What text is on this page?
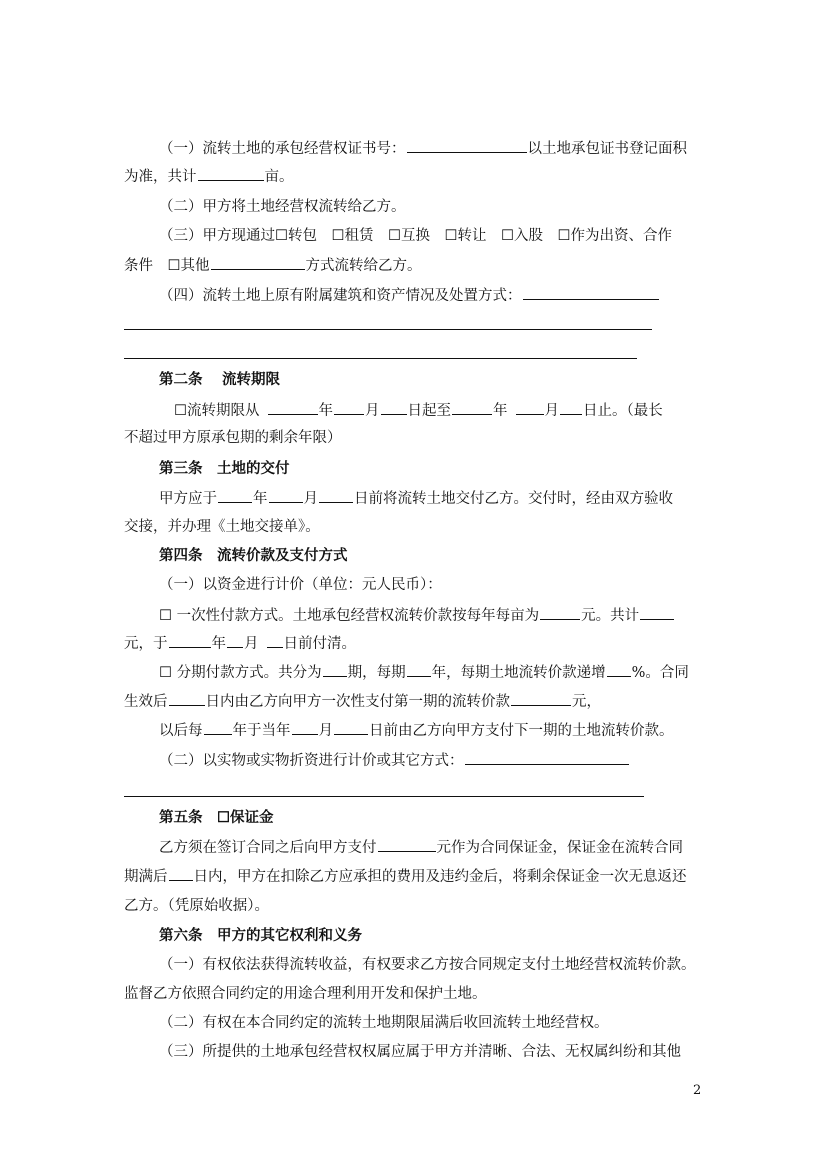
（一）流转土地的承包经营权证书号：	以土地承包证书登记面积
为准，共计	亩。
（二）甲方将土地经营权流转给乙方。
（三）甲方现通过☐转包　☐租赁　☐互换　☐转让　☐入股　☐作为出资、合作
条件　☐其他	方式流转给乙方。
（四）流转土地上原有附属建筑和资产情况及处置方式：
第二条　 流转期限
☐流转期限从	年 月 日起至	年	月 日止。（最长
不超过甲方原承包期的剩余年限）
第三条　土地的交付
甲方应于 年 月 日前将流转土地交付乙方。交付时，经由双方验收
交接，并办理《土地交接单》。
第四条　流转价款及支付方式
（一）以资金进行计价（单位：元人民币）：
☐ 一次性付款方式。土地承包经营权流转价款按每年每亩为	元。共计
元，于	年 月 日前付清。
☐ 分期付款方式。共分为 期，每期 年，每期土地流转价款递增 %。合同
生效后	日内由乙方向甲方一次性支付第一期的流转价款	元，
以后每 年于当年 月 日前由乙方向甲方支付下一期的土地流转价款。
（二）以实物或实物折资进行计价或其它方式：
第五条　☐保证金
乙方须在签订合同之后向甲方支付	元作为合同保证金，保证金在流转合同
期满后 日内，甲方在扣除乙方应承担的费用及违约金后，将剩余保证金一次无息返还
乙方。（凭原始收据）。
第六条　甲方的其它权利和义务
（一）有权依法获得流转收益，有权要求乙方按合同规定支付土地经营权流转价款。
监督乙方依照合同约定的用途合理利用开发和保护土地。
（二）有权在本合同约定的流转土地期限届满后收回流转土地经营权。
（三）所提供的土地承包经营权权属应属于甲方并清晰、合法、无权属纠纷和其他
2
